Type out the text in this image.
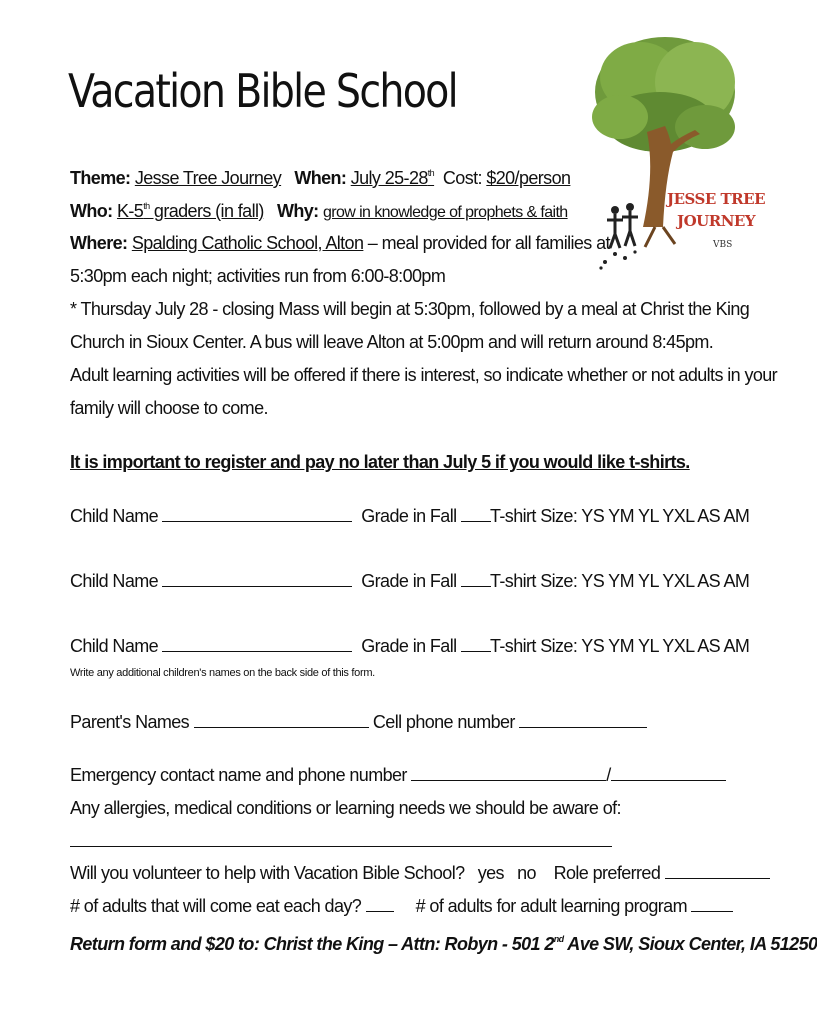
Vacation Bible School
JESSE TREE
JOURNEY
VBS
Theme: Jesse Tree Journey When: July 25-28th Cost: $20/person
Who: K-5th graders (in fall) Why: grow in knowledge of prophets & faith
Where: Spalding Catholic School, Alton – meal provided for all families at
5:30pm each night; activities run from 6:00-8:00pm
* Thursday July 28 - closing Mass will begin at 5:30pm, followed by a meal at Christ the King
Church in Sioux Center. A bus will leave Alton at 5:00pm and will return around 8:45pm.
Adult learning activities will be offered if there is interest, so indicate whether or not adults in your
family will choose to come.
It is important to register and pay no later than July 5 if you would like t-shirts.
Child Name	Grade in Fall	T-shirt Size: YS YM YL YXL AS AM
Child Name	Grade in Fall	T-shirt Size: YS YM YL YXL AS AM
Child Name	Grade in Fall	T-shirt Size: YS YM YL YXL AS AM
Write any additional children's names on the back side of this form.
Parent's Names	Cell phone number
Emergency contact name and phone number	/
Any allergies, medical conditions or learning needs we should be aware of:
Will you volunteer to help with Vacation Bible School? yes no Role preferred
# of adults that will come eat each day?	# of adults for adult learning program
Return form and $20 to: Christ the King – Attn: Robyn - 501 2nd Ave SW, Sioux Center, IA 51250
